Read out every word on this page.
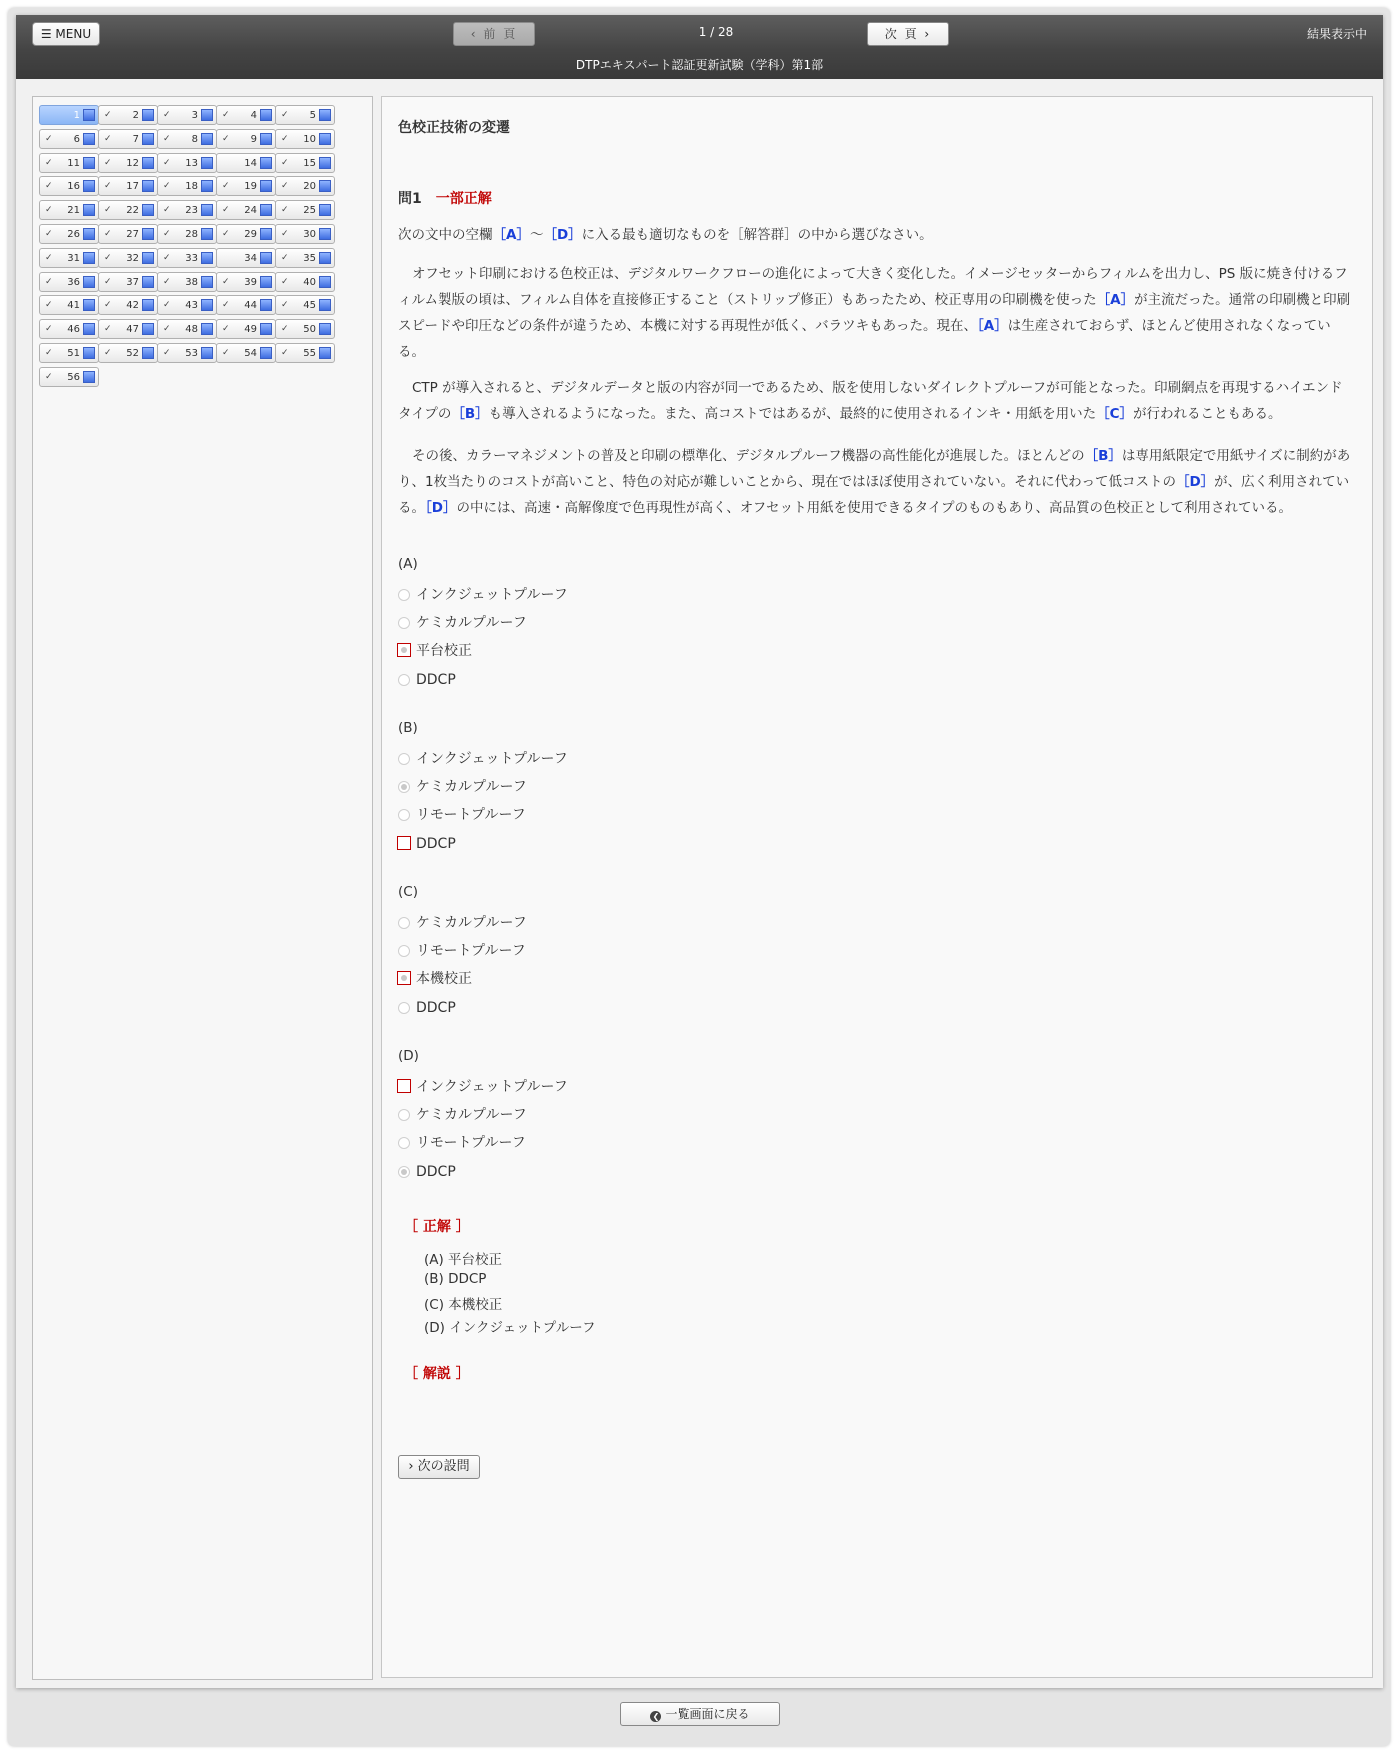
☰ MENU	‹ 前 頁	1 / 28	次 頁 ›	結果表示中
DTPエキスパート認証更新試験（学科）第1部
1	✓	2	✓	3	✓	4	✓	5
✓	6	✓	7	✓	8	✓	9	✓	10
✓	11	✓	12	✓	13	14	✓	15
✓	16	✓	17	✓	18	✓	19	✓	20
✓	21	✓	22	✓	23	✓	24	✓	25
✓	26	✓	27	✓	28	✓	29	✓	30
✓	31	✓	32	✓	33	34	✓	35
✓	36	✓	37	✓	38	✓	39	✓	40
✓	41	✓	42	✓	43	✓	44	✓	45
✓	46	✓	47	✓	48	✓	49	✓	50
✓	51	✓	52	✓	53	✓	54	✓	55
✓	56
色校正技術の変遷
問1 一部正解
次の文中の空欄［A］～［D］に入る最も適切なものを［解答群］の中から選びなさい。
オフセット印刷における色校正は、デジタルワークフローの進化によって大きく変化した。イメージセッターからフィルムを出力し、PS 版に焼き付けるフィルム製版の頃は、フィルム自体を直接修正すること（ストリップ修正）もあったため、校正専用の印刷機を使った［A］が主流だった。通常の印刷機と印刷スピードや印圧などの条件が違うため、本機に対する再現性が低く、バラツキもあった。現在、［A］は生産されておらず、ほとんど使用されなくなっている。
CTP が導入されると、デジタルデータと版の内容が同一であるため、版を使用しないダイレクトプルーフが可能となった。印刷網点を再現するハイエンドタイプの［B］も導入されるようになった。また、高コストではあるが、最終的に使用されるインキ・用紙を用いた［C］が行われることもある。
その後、カラーマネジメントの普及と印刷の標準化、デジタルプルーフ機器の高性能化が進展した。ほとんどの［B］は専用紙限定で用紙サイズに制約があり、1枚当たりのコストが高いこと、特色の対応が難しいことから、現在ではほぼ使用されていない。それに代わって低コストの［D］が、広く利用されている。［D］の中には、高速・高解像度で色再現性が高く、オフセット用紙を使用できるタイプのものもあり、高品質の色校正として利用されている。
(A)
インクジェットプルーフ
ケミカルプルーフ
平台校正
DDCP
(B)
インクジェットプルーフ
ケミカルプルーフ
リモートプルーフ
DDCP
(C)
ケミカルプルーフ
リモートプルーフ
本機校正
DDCP
(D)
インクジェットプルーフ
ケミカルプルーフ
リモートプルーフ
DDCP
［ 正解 ］
(A) 平台校正
(B) DDCP
(C) 本機校正
(D) インクジェットプルーフ
［ 解説 ］
› 次の設問
❮ 一覧画面に戻る
